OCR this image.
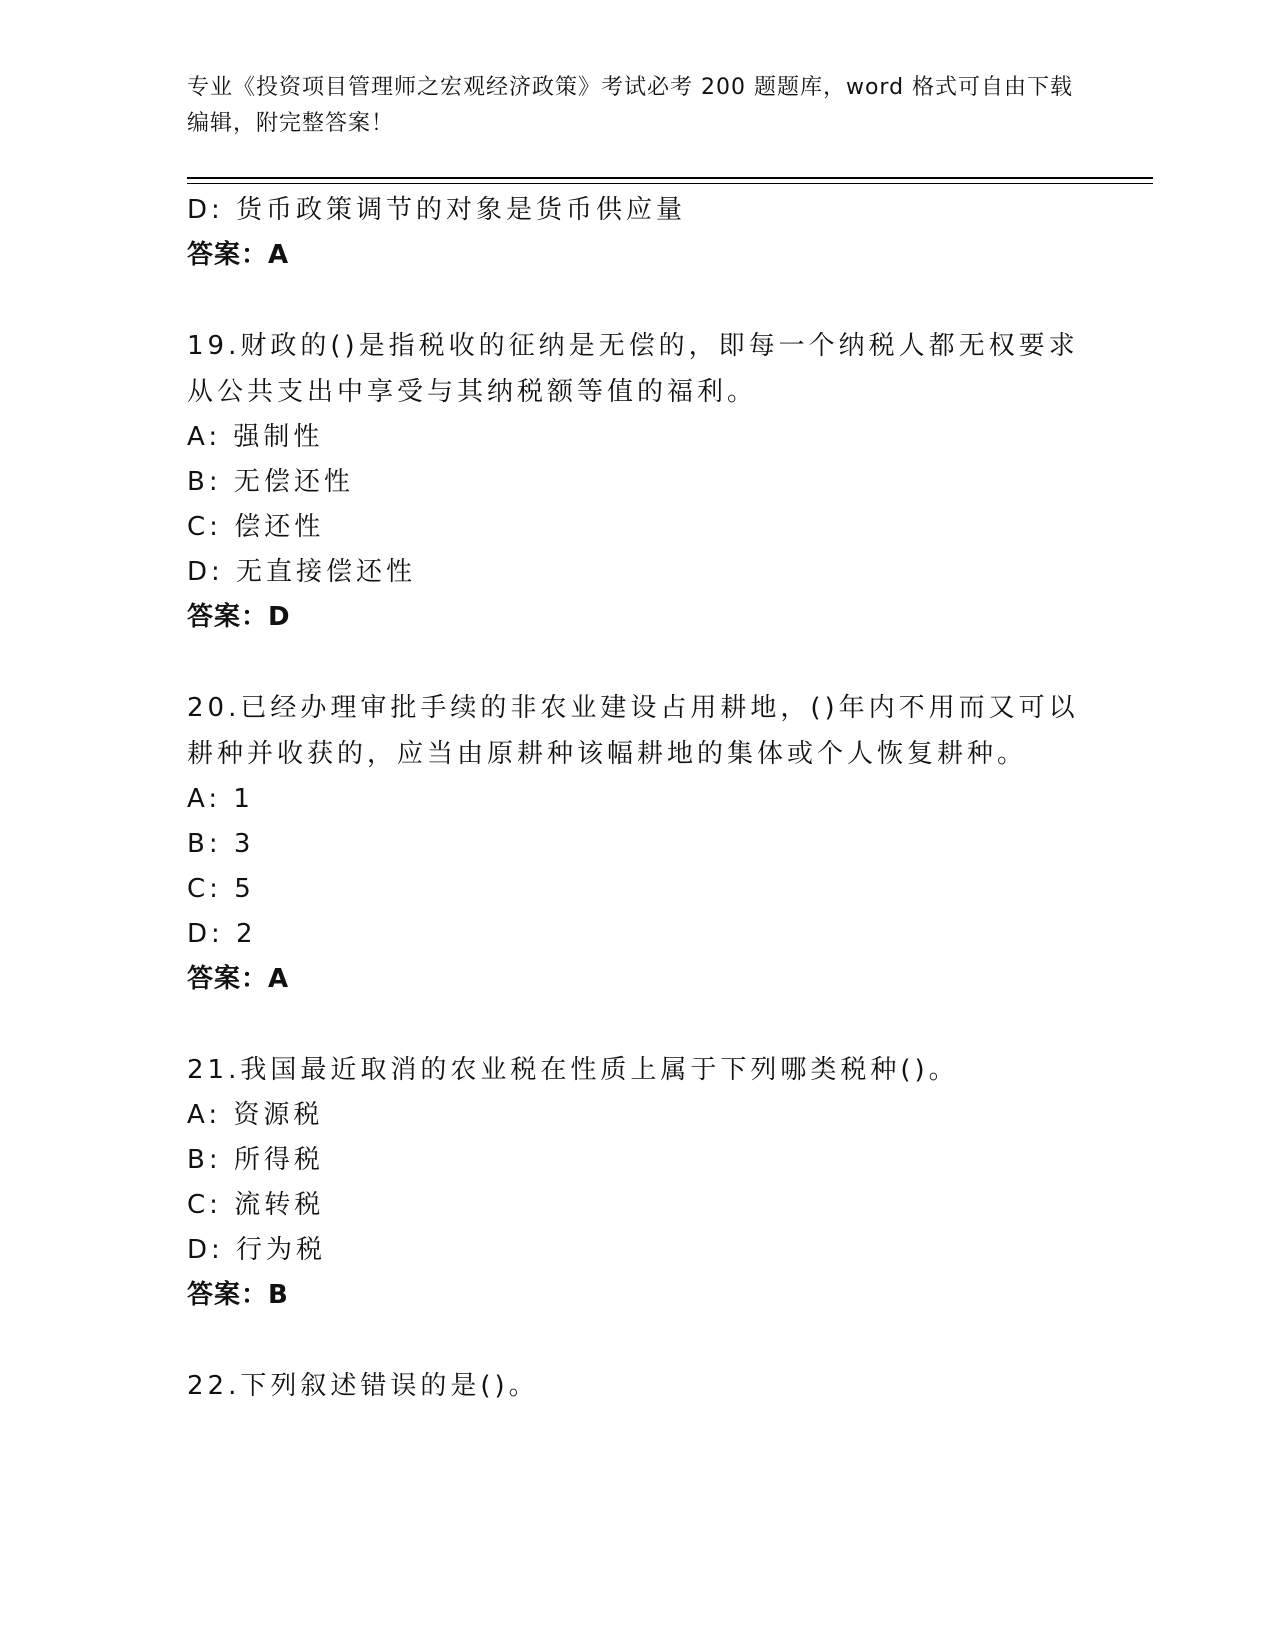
专业《投资项目管理师之宏观经济政策》考试必考 200 题题库，word 格式可自由下载编辑，附完整答案！
D: 货币政策调节的对象是货币供应量
答案：A
19.财政的()是指税收的征纳是无偿的，即每一个纳税人都无权要求从公共支出中享受与其纳税额等值的福利。
A: 强制性
B: 无偿还性
C: 偿还性
D: 无直接偿还性
答案：D
20.已经办理审批手续的非农业建设占用耕地，()年内不用而又可以耕种并收获的，应当由原耕种该幅耕地的集体或个人恢复耕种。
A: 1
B: 3
C: 5
D: 2
答案：A
21.我国最近取消的农业税在性质上属于下列哪类税种()。
A: 资源税
B: 所得税
C: 流转税
D: 行为税
答案：B
22.下列叙述错误的是()。
